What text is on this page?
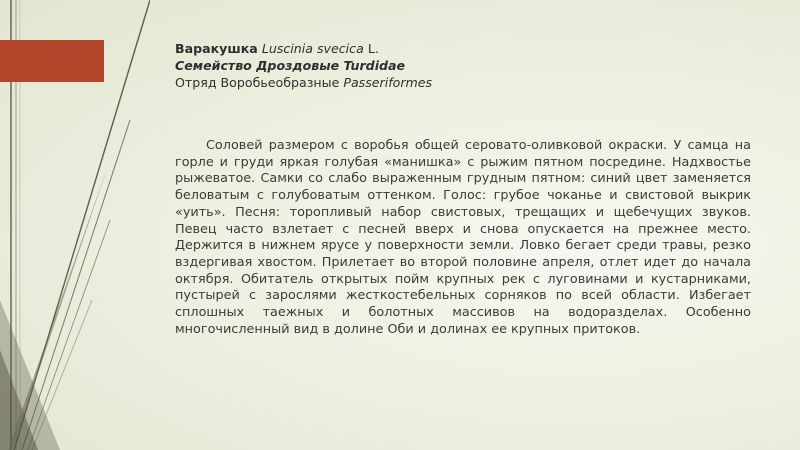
Варакушка Luscinia svecica L.
Семейство Дроздовые Turdidae
Отряд Воробьеобразные Passeriformes

Соловей размером с воробья общей серовато-оливковой окраски. У самца на горле и груди яркая голубая «манишка» с рыжим пятном посредине. Надхвостье рыжеватое. Самки со слабо выраженным грудным пятном: синий цвет заменяется беловатым с голубоватым оттенком. Голос: грубое чоканье и свистовой выкрик «уить». Песня: торопливый набор свистовых, трещащих и щебечущих звуков. Певец часто взлетает с песней вверх и снова опускается на прежнее место. Держится в нижнем ярусе у поверхности земли. Ловко бегает среди травы, резко вздергивая хвостом. Прилетает во второй половине апреля, отлет идет до начала октября. Обитатель открытых пойм крупных рек с луговинами и кустарниками, пустырей с зарослями жесткостебельных сорняков по всей области. Избегает сплошных таежных и болотных массивов на водоразделах. Особенно многочисленный вид в долине Оби и долинах ее крупных притоков.
